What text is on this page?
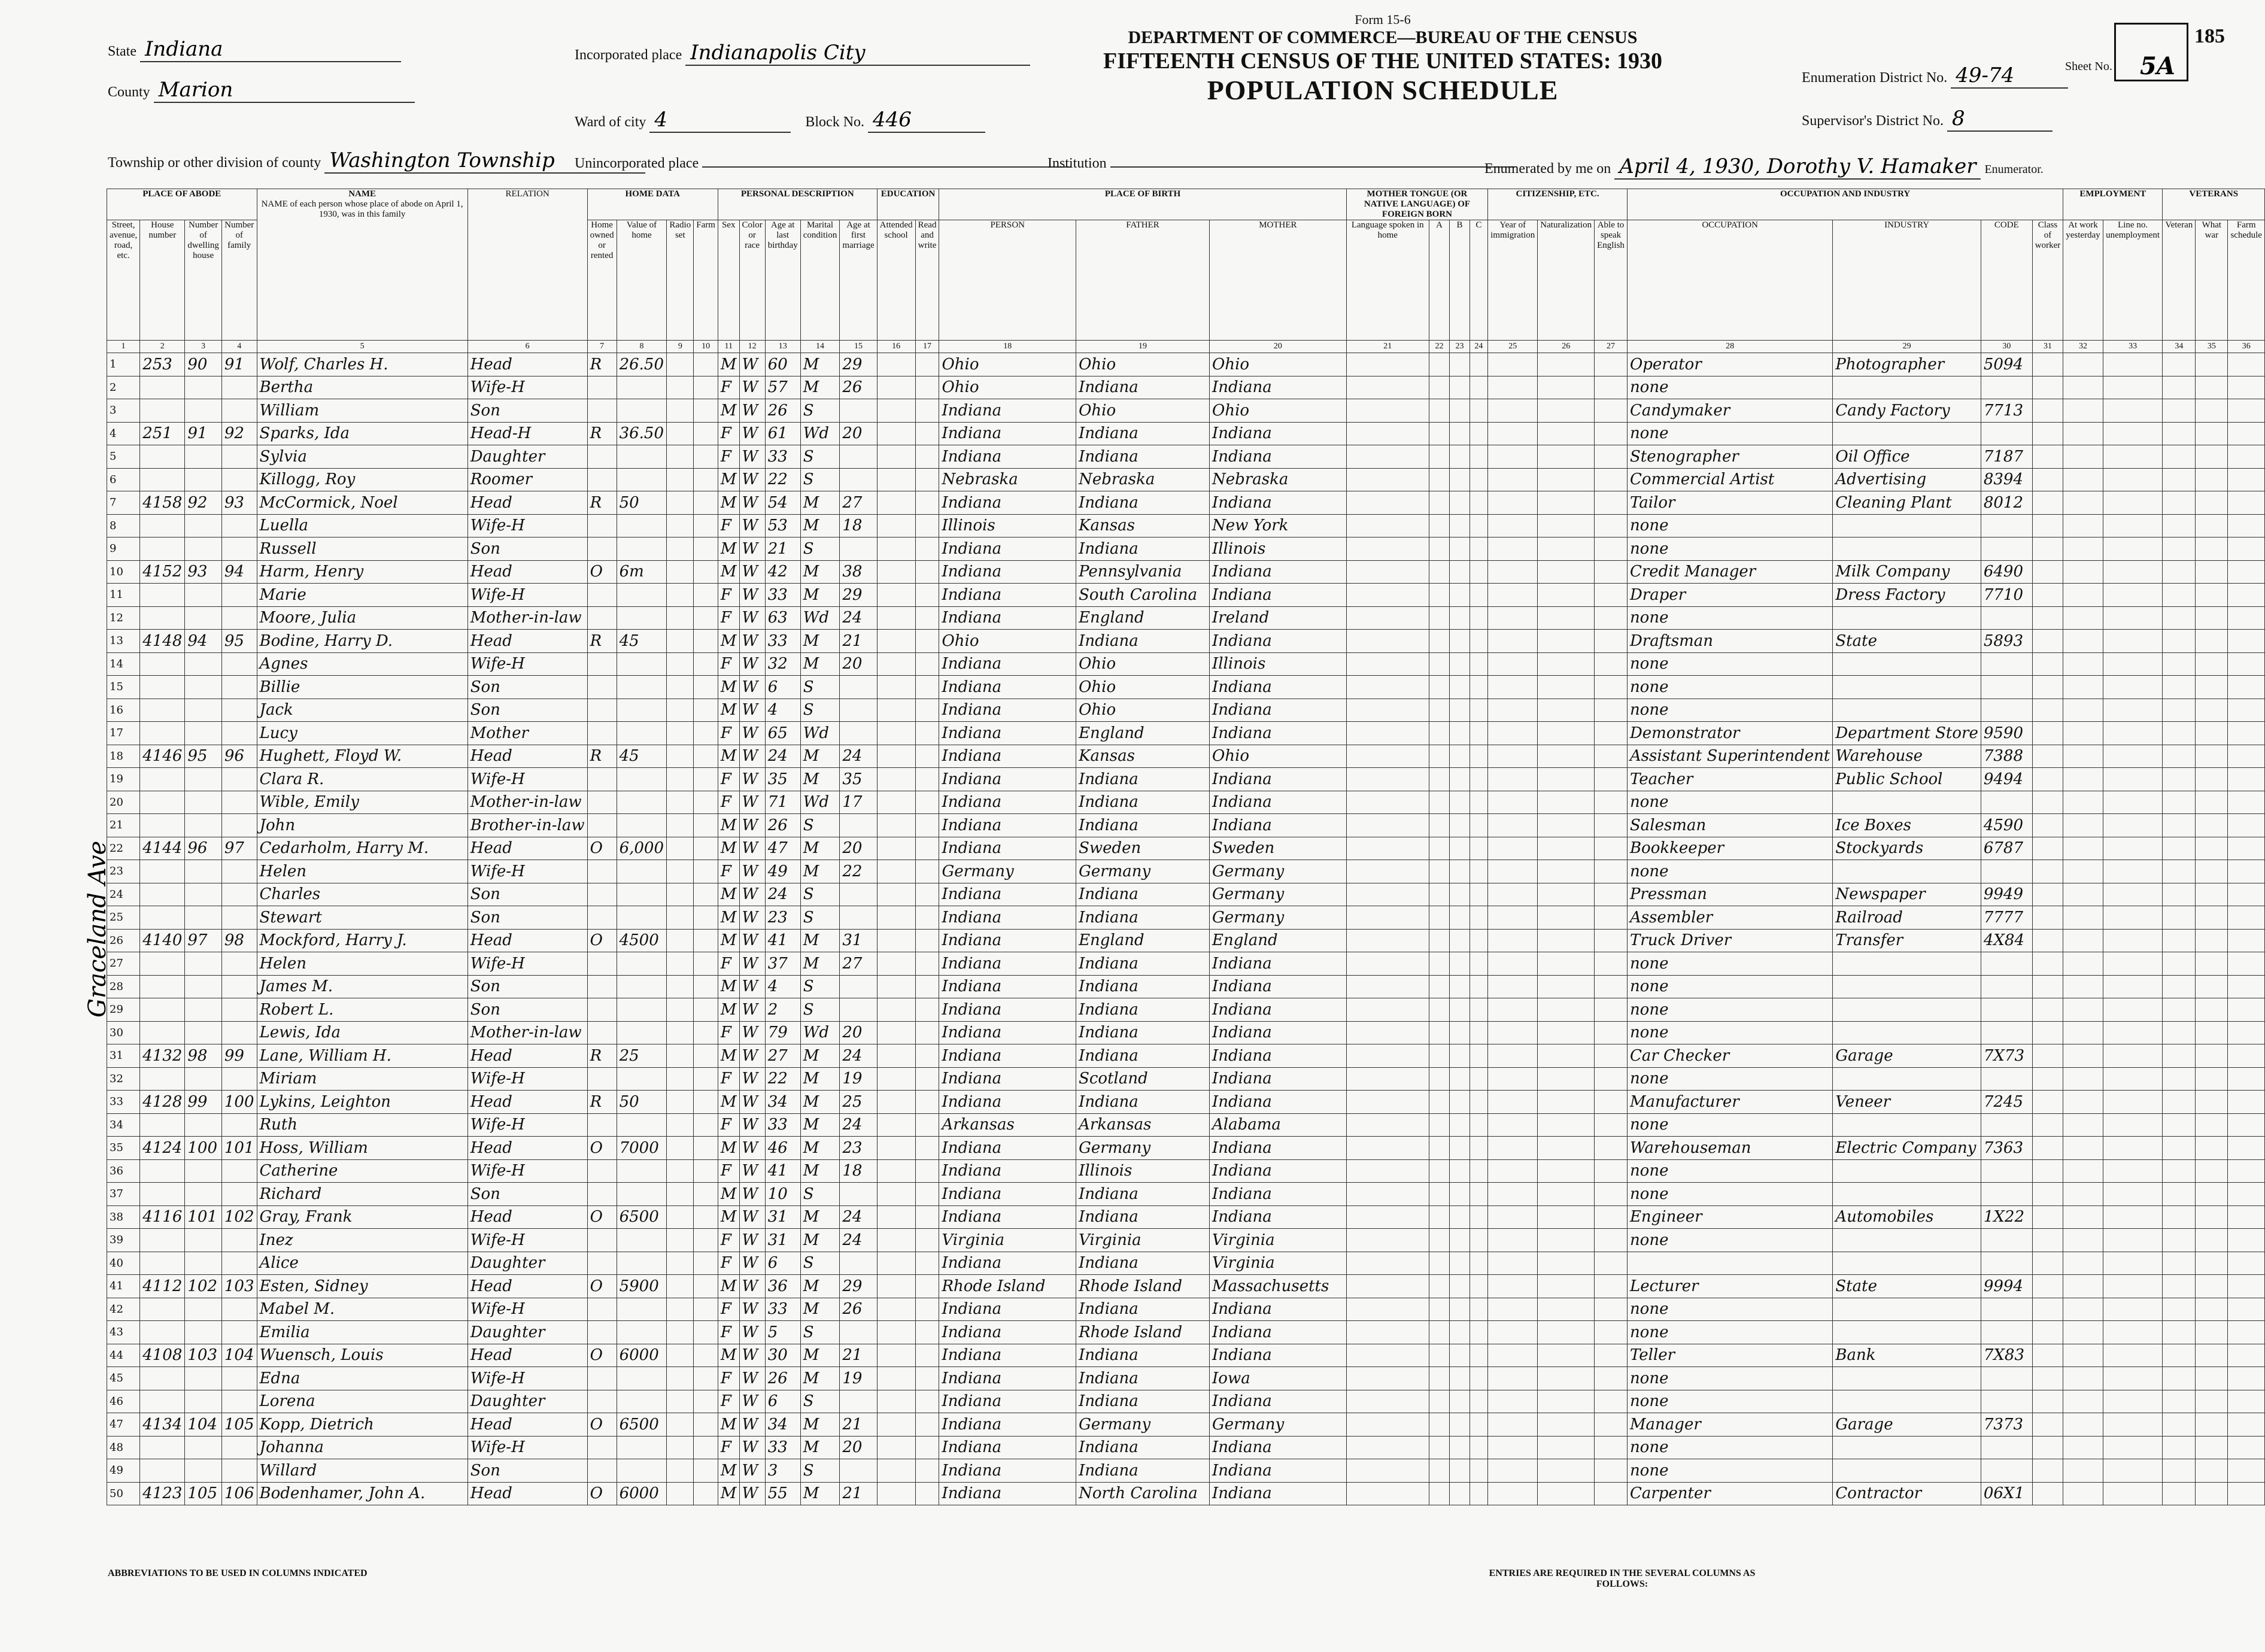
Form 15-6
DEPARTMENT OF COMMERCE—BUREAU OF THE CENSUS
FIFTEENTH CENSUS OF THE UNITED STATES: 1930
POPULATION SCHEDULE
State Indiana
County Marion
Township or other division of county Washington Township
Incorporated place Indianapolis City
Ward of city 4	Block No. 446
Unincorporated place	Institution
Enumeration District No. 49-74
Supervisor's District No. 8
Enumerated by me on April 4, 1930, Dorothy V. Hamaker Enumerator.
Sheet No. 5A
185
Graceland Ave
PLACE OF ABODE				NAME
NAME of each person whose place of abode on April 1, 1930, was in this family	RELATION	HOME DATA				PERSONAL DESCRIPTION					EDUCATION		PLACE OF BIRTH			MOTHER TONGUE (OR NATIVE LANGUAGE) OF FOREIGN BORN				CITIZENSHIP, ETC.			OCCUPATION AND INDUSTRY				EMPLOYMENT		VETERANS		
Street, avenue, road, etc.	House number	Number of dwelling house	Number of family			Home owned or rented	Value of home	Radio set	Farm	Sex	Color or race	Age at last birthday	Marital condition	Age at first marriage	Attended school	Read and write	PERSON	FATHER	MOTHER	Language spoken in home	A	B	C	Year of immigration	Naturalization	Able to speak English	OCCUPATION	INDUSTRY	CODE	Class of worker	At work yesterday	Line no. unemployment	Veteran	What war	Farm schedule
1	2	3	4	5	6	7	8	9	10	11	12	13	14	15	16	17	18	19	20	21	22	23	24	25	26	27	28	29	30	31	32	33	34	35	36
1	253	90	91	Wolf, Charles H.	Head	R	26.50			M	W	60	M	29			Ohio	Ohio	Ohio								Operator	Photographer	5094						
2				Bertha	Wife-H					F	W	57	M	26			Ohio	Indiana	Indiana								none								
3				William	Son					M	W	26	S				Indiana	Ohio	Ohio								Candymaker	Candy Factory	7713						
4	251	91	92	Sparks, Ida	Head-H	R	36.50			F	W	61	Wd	20			Indiana	Indiana	Indiana								none								
5				Sylvia	Daughter					F	W	33	S				Indiana	Indiana	Indiana								Stenographer	Oil Office	7187						
6				Killogg, Roy	Roomer					M	W	22	S				Nebraska	Nebraska	Nebraska								Commercial Artist	Advertising	8394						
7	4158	92	93	McCormick, Noel	Head	R	50			M	W	54	M	27			Indiana	Indiana	Indiana								Tailor	Cleaning Plant	8012						
8				Luella	Wife-H					F	W	53	M	18			Illinois	Kansas	New York								none								
9				Russell	Son					M	W	21	S				Indiana	Indiana	Illinois								none								
10	4152	93	94	Harm, Henry	Head	O	6m			M	W	42	M	38			Indiana	Pennsylvania	Indiana								Credit Manager	Milk Company	6490						
11				Marie	Wife-H					F	W	33	M	29			Indiana	South Carolina	Indiana								Draper	Dress Factory	7710						
12				Moore, Julia	Mother-in-law					F	W	63	Wd	24			Indiana	England	Ireland								none								
13	4148	94	95	Bodine, Harry D.	Head	R	45			M	W	33	M	21			Ohio	Indiana	Indiana								Draftsman	State	5893						
14				Agnes	Wife-H					F	W	32	M	20			Indiana	Ohio	Illinois								none								
15				Billie	Son					M	W	6	S				Indiana	Ohio	Indiana								none								
16				Jack	Son					M	W	4	S				Indiana	Ohio	Indiana								none								
17				Lucy	Mother					F	W	65	Wd				Indiana	England	Indiana								Demonstrator	Department Store	9590						
18	4146	95	96	Hughett, Floyd W.	Head	R	45			M	W	24	M	24			Indiana	Kansas	Ohio								Assistant Superintendent	Warehouse	7388						
19				Clara R.	Wife-H					F	W	35	M	35			Indiana	Indiana	Indiana								Teacher	Public School	9494						
20				Wible, Emily	Mother-in-law					F	W	71	Wd	17			Indiana	Indiana	Indiana								none								
21				John	Brother-in-law					M	W	26	S				Indiana	Indiana	Indiana								Salesman	Ice Boxes	4590						
22	4144	96	97	Cedarholm, Harry M.	Head	O	6,000			M	W	47	M	20			Indiana	Sweden	Sweden								Bookkeeper	Stockyards	6787						
23				Helen	Wife-H					F	W	49	M	22			Germany	Germany	Germany								none								
24				Charles	Son					M	W	24	S				Indiana	Indiana	Germany								Pressman	Newspaper	9949						
25				Stewart	Son					M	W	23	S				Indiana	Indiana	Germany								Assembler	Railroad	7777						
26	4140	97	98	Mockford, Harry J.	Head	O	4500			M	W	41	M	31			Indiana	England	England								Truck Driver	Transfer	4X84						
27				Helen	Wife-H					F	W	37	M	27			Indiana	Indiana	Indiana								none								
28				James M.	Son					M	W	4	S				Indiana	Indiana	Indiana								none								
29				Robert L.	Son					M	W	2	S				Indiana	Indiana	Indiana								none								
30				Lewis, Ida	Mother-in-law					F	W	79	Wd	20			Indiana	Indiana	Indiana								none								
31	4132	98	99	Lane, William H.	Head	R	25			M	W	27	M	24			Indiana	Indiana	Indiana								Car Checker	Garage	7X73						
32				Miriam	Wife-H					F	W	22	M	19			Indiana	Scotland	Indiana								none								
33	4128	99	100	Lykins, Leighton	Head	R	50			M	W	34	M	25			Indiana	Indiana	Indiana								Manufacturer	Veneer	7245						
34				Ruth	Wife-H					F	W	33	M	24			Arkansas	Arkansas	Alabama								none								
35	4124	100	101	Hoss, William	Head	O	7000			M	W	46	M	23			Indiana	Germany	Indiana								Warehouseman	Electric Company	7363						
36				Catherine	Wife-H					F	W	41	M	18			Indiana	Illinois	Indiana								none								
37				Richard	Son					M	W	10	S				Indiana	Indiana	Indiana								none								
38	4116	101	102	Gray, Frank	Head	O	6500			M	W	31	M	24			Indiana	Indiana	Indiana								Engineer	Automobiles	1X22						
39				Inez	Wife-H					F	W	31	M	24			Virginia	Virginia	Virginia								none								
40				Alice	Daughter					F	W	6	S				Indiana	Indiana	Virginia																
41	4112	102	103	Esten, Sidney	Head	O	5900			M	W	36	M	29			Rhode Island	Rhode Island	Massachusetts								Lecturer	State	9994						
42				Mabel M.	Wife-H					F	W	33	M	26			Indiana	Indiana	Indiana								none								
43				Emilia	Daughter					F	W	5	S				Indiana	Rhode Island	Indiana								none								
44	4108	103	104	Wuensch, Louis	Head	O	6000			M	W	30	M	21			Indiana	Indiana	Indiana								Teller	Bank	7X83						
45				Edna	Wife-H					F	W	26	M	19			Indiana	Indiana	Iowa								none								
46				Lorena	Daughter					F	W	6	S				Indiana	Indiana	Indiana								none								
47	4134	104	105	Kopp, Dietrich	Head	O	6500			M	W	34	M	21			Indiana	Germany	Germany								Manager	Garage	7373						
48				Johanna	Wife-H					F	W	33	M	20			Indiana	Indiana	Indiana								none								
49				Willard	Son					M	W	3	S				Indiana	Indiana	Indiana								none								
50	4123	105	106	Bodenhamer, John A.	Head	O	6000			M	W	55	M	21			Indiana	North Carolina	Indiana								Carpenter	Contractor	06X1						
ABBREVIATIONS TO BE USED IN COLUMNS INDICATED	ENTRIES ARE REQUIRED IN THE SEVERAL COLUMNS AS FOLLOWS:
